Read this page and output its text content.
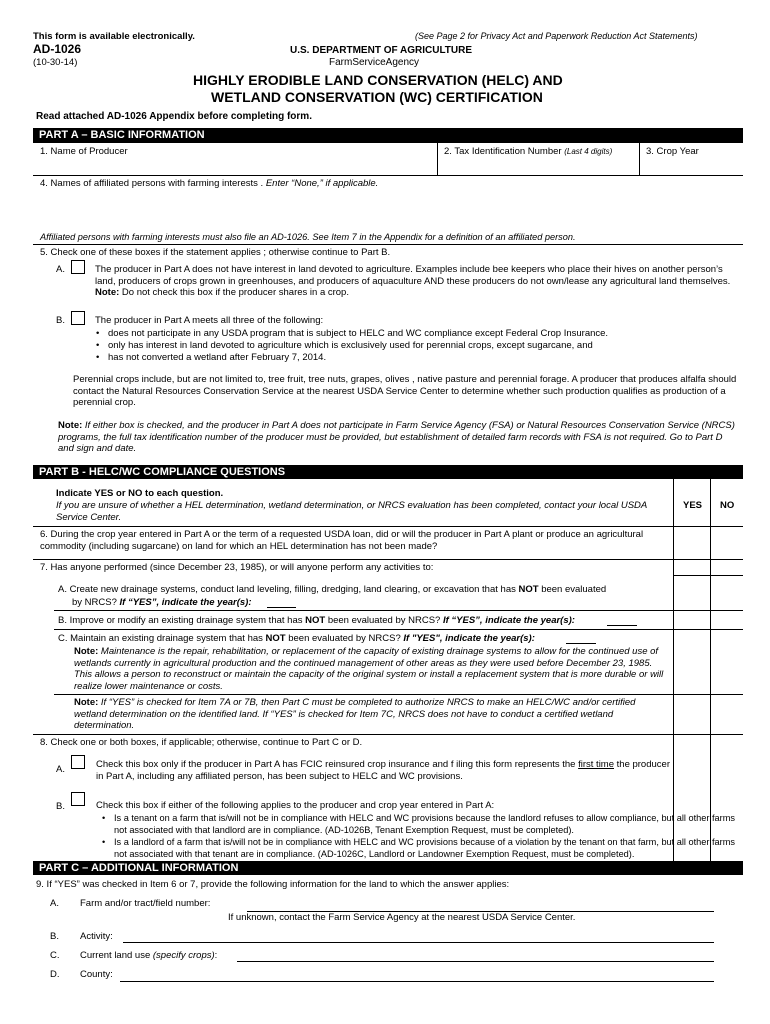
This form is available electronically.	(See Page 2 for Privacy Act and Paperwork Reduction Act Statements)
AD-1026
(10-30-14)
U.S. DEPARTMENT OF AGRICULTURE
FarmServiceAgency
HIGHLY ERODIBLE LAND CONSERVATION (HELC) AND
WETLAND CONSERVATION (WC) CERTIFICATION
Read attached AD-1026 Appendix before completing form.
PART A – BASIC INFORMATION
1. Name of Producer	2. Tax Identification Number (Last 4 digits)	3. Crop Year
4. Names of affiliated persons with farming interests . Enter “None,” if applicable.
Affiliated persons with farming interests must also file an AD-1026. See Item 7 in the Appendix for a definition of an affiliated person.
5. Check one of these boxes if the statement applies ; otherwise continue to Part B.
A.	The producer in Part A does not have interest in land devoted to agriculture. Examples include bee keepers who place their hives on another person’s land, producers of crops grown in greenhouses, and producers of aquaculture AND these producers do not own/lease any agricultural land themselves. Note: Do not check this box if the producer shares in a crop.
B.	The producer in Part A meets all three of the following:
• does not participate in any USDA program that is subject to HELC and WC compliance except Federal Crop Insurance.
• only has interest in land devoted to agriculture which is exclusively used for perennial crops, except sugarcane, and
• has not converted a wetland after February 7, 2014.
Perennial crops include, but are not limited to, tree fruit, tree nuts, grapes, olives , native pasture and perennial forage. A producer that produces alfalfa should contact the Natural Resources Conservation Service at the nearest USDA Service Center to determine whether such production qualifies as production of a perennial crop.
Note: If either box is checked, and the producer in Part A does not participate in Farm Service Agency (FSA) or Natural Resources Conservation Service (NRCS) programs, the full tax identification number of the producer must be provided, but establishment of detailed farm records with FSA is not required. Go to Part D and sign and date.
PART B - HELC/WC COMPLIANCE QUESTIONS
Indicate YES or NO to each question.
If you are unsure of whether a HEL determination, wetland determination, or NRCS evaluation has been completed, contact your local USDA Service Center.
YES NO
6. During the crop year entered in Part A or the term of a requested USDA loan, did or will the producer in Part A plant or produce an agricultural commodity (including sugarcane) on land for which an HEL determination has not been made?
7. Has anyone performed (since December 23, 1985), or will anyone perform any activities to:
A. Create new drainage systems, conduct land leveling, filling, dredging, land clearing, or excavation that has NOT been evaluated
by NRCS? If “YES”, indicate the year(s):
B. Improve or modify an existing drainage system that has NOT been evaluated by NRCS? If “YES”, indicate the year(s):
C. Maintain an existing drainage system that has NOT been evaluated by NRCS? If "YES", indicate the year(s):
Note: Maintenance is the repair, rehabilitation, or replacement of the capacity of existing drainage systems to allow for the continued use of wetlands currently in agricultural production and the continued management of other areas as they were used before December 23, 1985. This allows a person to reconstruct or maintain the capacity of the original system or install a replacement system that is more durable or will realize lower maintenance or costs.
Note: If “YES” is checked for Item 7A or 7B, then Part C must be completed to authorize NRCS to make an HELC/WC and/or certified wetland determination on the identified land. If “YES” is checked for Item 7C, NRCS does not have to conduct a certified wetland determination.
8. Check one or both boxes, if applicable; otherwise, continue to Part C or D.
A.	Check this box only if the producer in Part A has FCIC reinsured crop insurance and f iling this form represents the first time the producer in Part A, including any affiliated person, has been subject to HELC and WC provisions.
B.	Check this box if either of the following applies to the producer and crop year entered in Part A:
• Is a tenant on a farm that is/will not be in compliance with HELC and WC provisions because the landlord refuses to allow compliance, but all other farms not associated with that landlord are in compliance. (AD-1026B, Tenant Exemption Request, must be completed).
• Is a landlord of a farm that is/will not be in compliance with HELC and WC provisions because of a violation by the tenant on that farm, but all other farms not associated with that tenant are in compliance. (AD-1026C, Landlord or Landowner Exemption Request, must be completed).
PART C – ADDITIONAL INFORMATION
9. If “YES” was checked in Item 6 or 7, provide the following information for the land to which the answer applies:
A. Farm and/or tract/field number:
If unknown, contact the Farm Service Agency at the nearest USDA Service Center.
B. Activity:
C. Current land use (specify crops):
D. County:
